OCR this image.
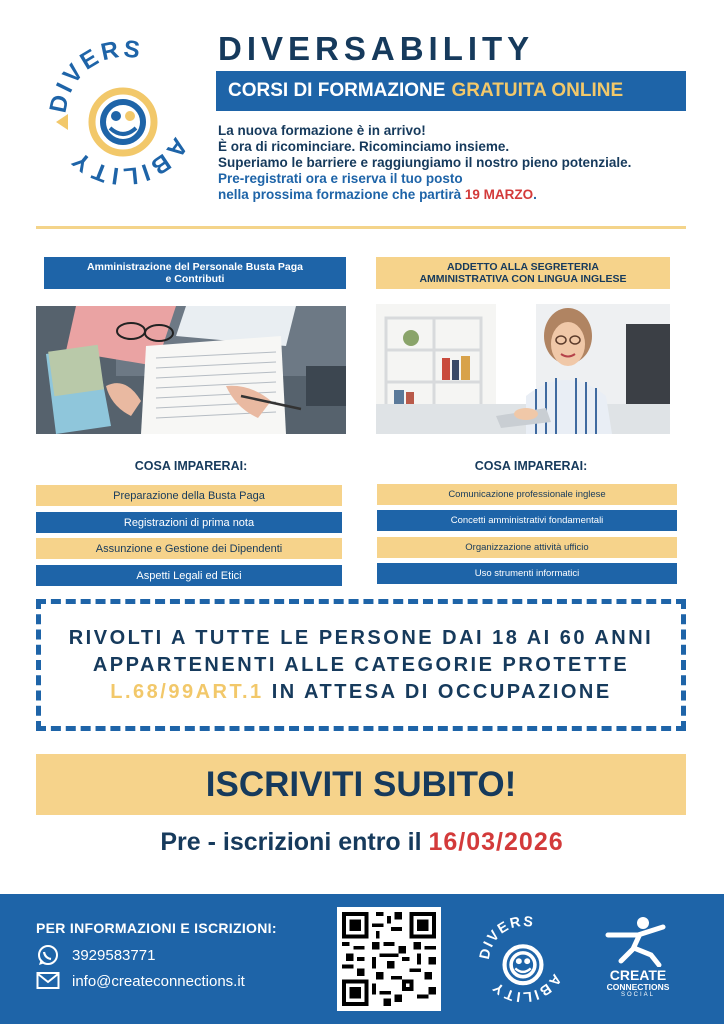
IVERS
ABILITY
DIVERSABILITY
CORSI DI FORMAZIONE GRATUITA ONLINE
La nuova formazione è in arrivo!
È ora di ricominciare. Ricominciamo insieme.
Superiamo le barriere e raggiungiamo il nostro pieno potenziale.
Pre-registrati ora e riserva il tuo posto
nella prossima formazione che partirà 19 MARZO.
Amministrazione del Personale Busta Paga
e Contributi
ADDETTO ALLA SEGRETERIA
AMMINISTRATIVA CON LINGUA INGLESE
COSA IMPARERAI:
Preparazione della Busta Paga
Registrazioni di prima nota
Assunzione e Gestione dei Dipendenti
Aspetti Legali ed Etici
COSA IMPARERAI:
Comunicazione professionale inglese
Concetti amministrativi fondamentali
Organizzazione attività ufficio
Uso strumenti informatici
RIVOLTI A TUTTE LE PERSONE DAI 18 AI 60 ANNI
APPARTENENTI ALLE CATEGORIE PROTETTE
L.68/99ART.1 IN ATTESA DI OCCUPAZIONE
ISCRIVITI SUBITO!
Pre - iscrizioni entro il 16/03/2026
PER INFORMAZIONI E ISCRIZIONI:
3929583771
info@createconnections.it
DIVERS
ABILITY
CREATE
CONNECTIONS
SOCIAL
